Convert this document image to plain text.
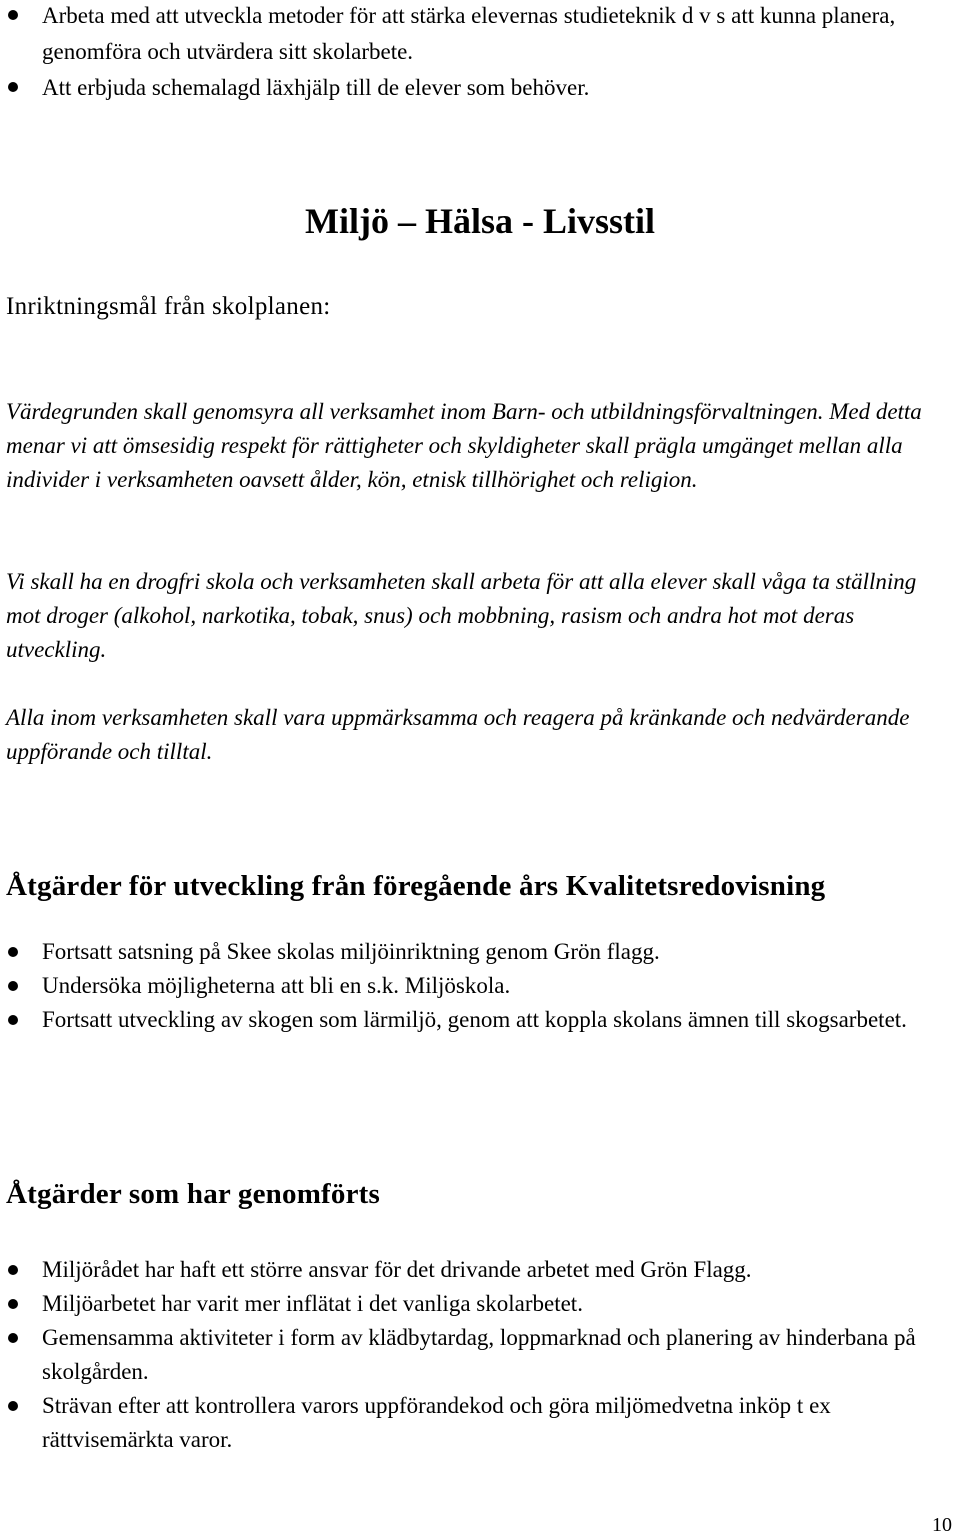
Arbeta med att utveckla metoder för att stärka elevernas studieteknik d v s att kunna planera, genomföra och utvärdera sitt skolarbete.
Att erbjuda schemalagd läxhjälp till de elever som behöver.
Miljö – Hälsa - Livsstil
Inriktningsmål från skolplanen:
Värdegrunden skall genomsyra all verksamhet inom Barn- och utbildningsförvaltningen. Med detta menar vi att ömsesidig respekt för rättigheter och skyldigheter skall prägla umgänget mellan alla individer i verksamheten oavsett ålder, kön, etnisk tillhörighet och religion.
Vi skall ha en drogfri skola och verksamheten skall arbeta för att alla elever skall våga ta ställning mot droger (alkohol, narkotika, tobak, snus) och mobbning, rasism och andra hot mot deras utveckling.
Alla inom verksamheten skall vara uppmärksamma och reagera på kränkande och nedvärderande uppförande och tilltal.
Åtgärder för utveckling från föregående års Kvalitetsredovisning
Fortsatt satsning på Skee skolas miljöinriktning genom Grön flagg.
Undersöka möjligheterna att bli en s.k. Miljöskola.
Fortsatt utveckling av skogen som lärmiljö, genom att koppla skolans ämnen till skogsarbetet.
Åtgärder som har genomförts
Miljörådet har haft ett större ansvar för det drivande arbetet med Grön Flagg.
Miljöarbetet har varit mer inflätat i det vanliga skolarbetet.
Gemensamma aktiviteter i form av klädbytardag, loppmarknad och planering av hinderbana på skolgården.
Strävan efter att kontrollera varors uppförandekod och göra miljömedvetna inköp t ex rättvisemärkta varor.
10
